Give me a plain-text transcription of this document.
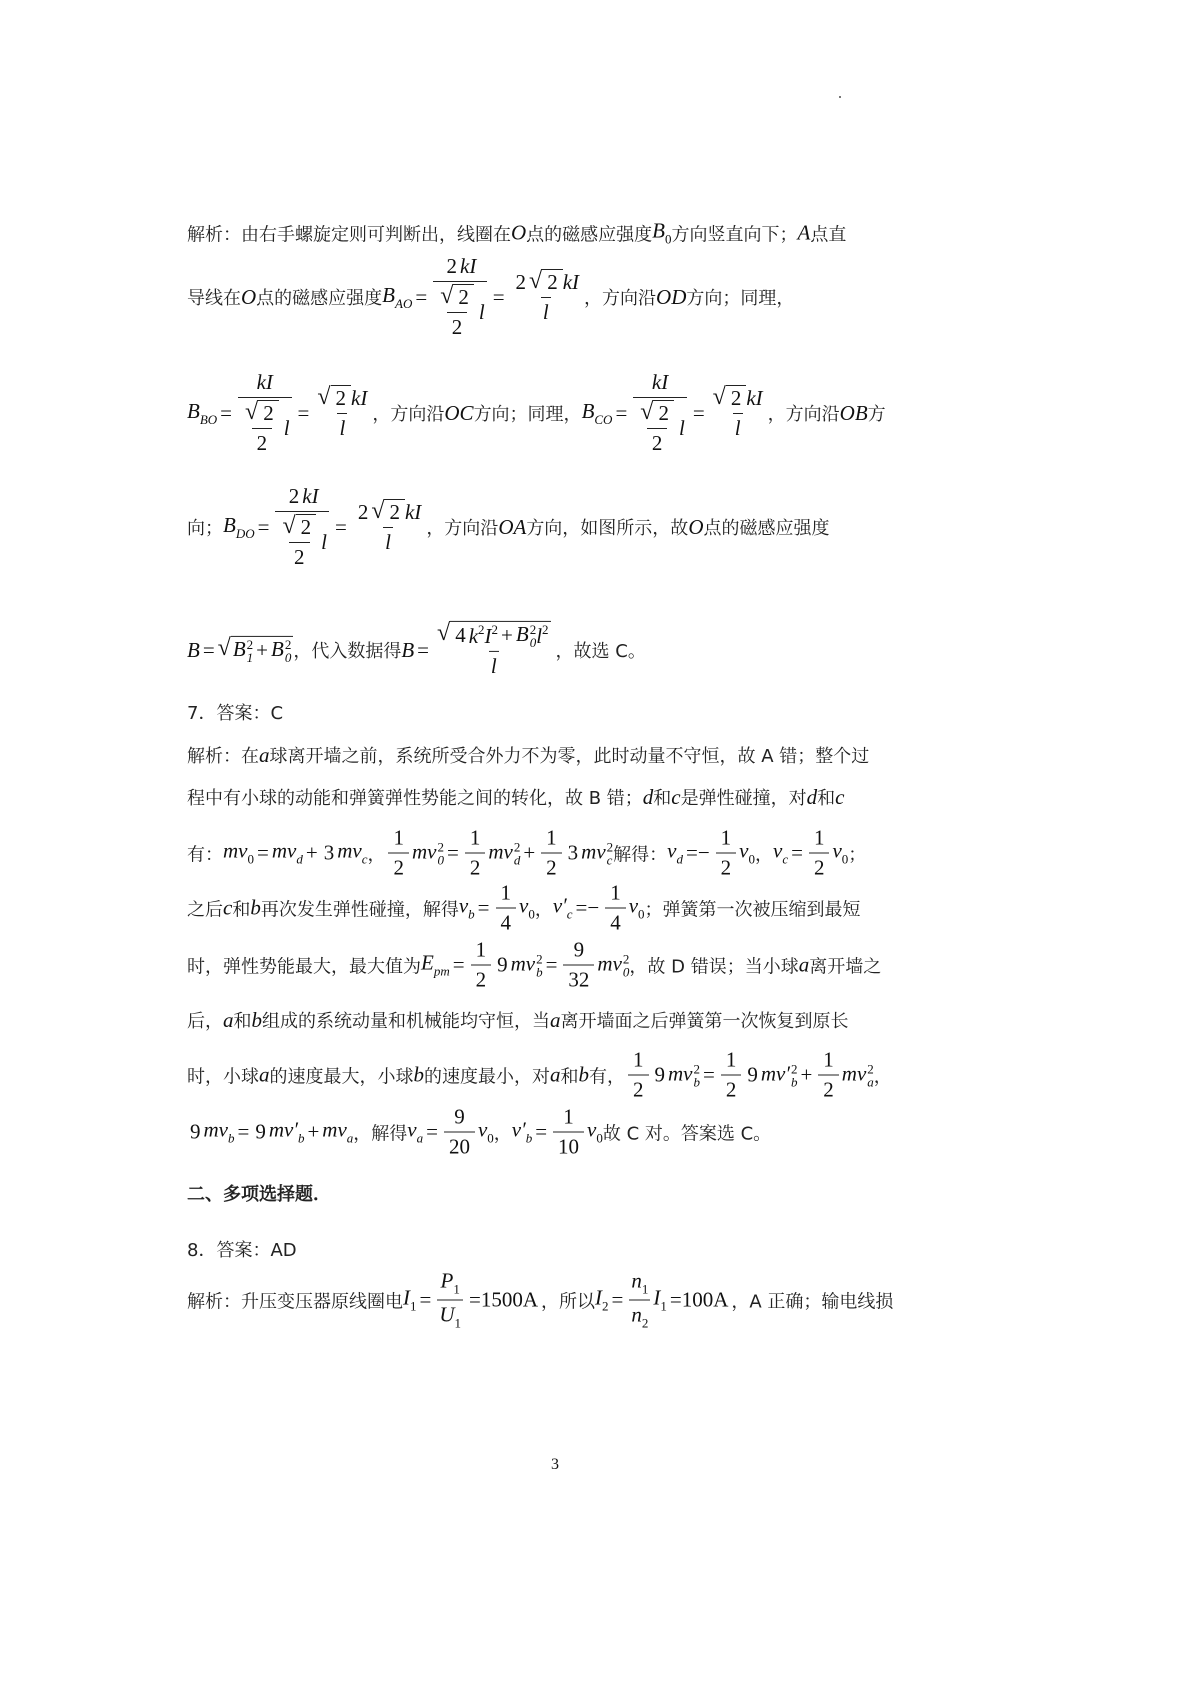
解析：由右手螺旋定则可判断出，线圈在 O 点的磁感应强度 $B_0$ 方向竖直向下； A 点直
导线在 O 点的磁感应强度 $B_{AO} = \frac{2 kI}{\frac{√ 2}{2} l} = \frac{2 √ 2 kI}{l}$ ，方向沿 OD 方向；同理，
$B_{BO} = \frac{kI}{\frac{√ 2}{2} l} = \frac{√ 2 kI}{l}$ ，方向沿 OC 方向；同理， $B_{CO} = \frac{kI}{\frac{√ 2}{2} l} = \frac{√ 2 kI}{l}$ ，方向沿 OB 方
向； $B_{DO} = \frac{2 kI}{\frac{√ 2}{2} l} = \frac{2 √ 2 kI}{l}$ ，方向沿 OA 方向，如图所示，故 O 点的磁感应强度
B = √ B 2
1 + B 2
0 ，代入数据得 B = √ 4 $k^2$ $I^2 + B$ 2
0 $l^2$
l ，故选 C。
7．答案：C
解析：在 a 球离开墙之前，系统所受合外力不为零，此时动量不守恒，故 A 错；整个过
程中有小球的动能和弹簧弹性势能之间的转化，故 B 错； d 和 c 是弹性碰撞，对 d 和 c
有： $mv_0 = mv_d + 3$ $mv_c$ ， $\frac{1}{2}$ mv 2
$0 = \frac{1}{2}$ mv 2
$d + \frac{1}{2} 3$ mv 2
c 解得： $v_d =- \frac{1}{2} v_0$ ， $v_c = \frac{1}{2} v_0$ ；
之后 c 和 b 再次发生弹性碰撞，解得 $v_b = \frac{1}{4} v_0$ ， $v'_c =- \frac{1}{4} v_0$ ；弹簧第一次被压缩到最短
时，弹性势能最大，最大值为 $E_{pm} = \frac{1}{2} 9$ mv 2
$b = \frac{9}{32}$ mv 2
0 ，故 D 错误；当小球 a 离开墙之
后， a 和 b 组成的系统动量和机械能均守恒，当 a 离开墙面之后弹簧第一次恢复到原长
时，小球 a 的速度最大，小球 b 的速度最小，对 a 和 b 有， $\frac{1}{2} 9$ mv 2
$b = \frac{1}{2} 9$ mv′ 2
$b + \frac{1}{2}$ mv 2
a ，
9 $mv_b = 9$ $mv'_b + mv_a$ ，解得 $v_a = \frac{9}{20} v_0$ ， $v'_b = \frac{1}{10} v_0$ 故 C 对。答案选 C。
二、多项选择题．
8．答案：AD
解析：升压变压器原线圈电 $I_1 = \frac{P_1}{U_1} =1500A$ ，所以 $I_2 = \frac{n_1}{n_2} I_1 =100A$ ，A 正确；输电线损
3
